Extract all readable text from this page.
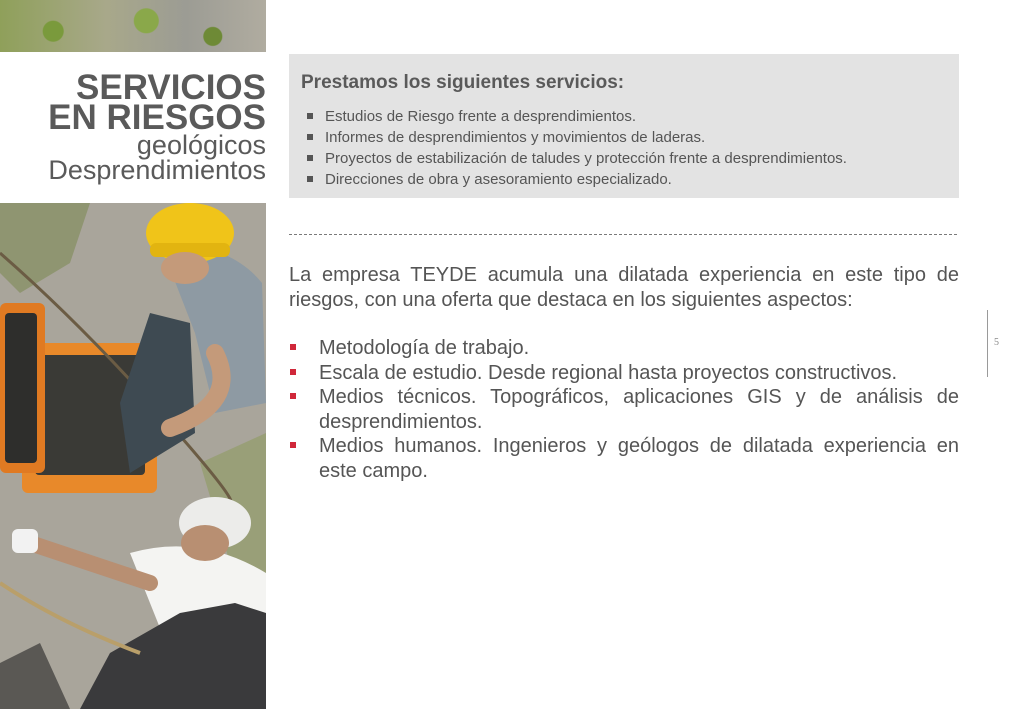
SERVICIOS
EN RIESGOS
geológicos
Desprendimientos
Prestamos los siguientes servicios:
Estudios de Riesgo frente a desprendimientos.
Informes de desprendimientos y movimientos de laderas.
Proyectos de estabilización de taludes y protección frente a desprendimientos.
Direcciones de obra y asesoramiento especializado.
La empresa TEYDE acumula una dilatada experiencia en este tipo de riesgos, con una oferta que destaca en los siguientes aspectos:
Metodología de trabajo.
Escala de estudio. Desde regional hasta proyectos constructivos.
Medios técnicos. Topográficos, aplicaciones GIS y de análisis de desprendimientos.
Medios humanos. Ingenieros y geólogos de dilatada experiencia en este campo.
5
